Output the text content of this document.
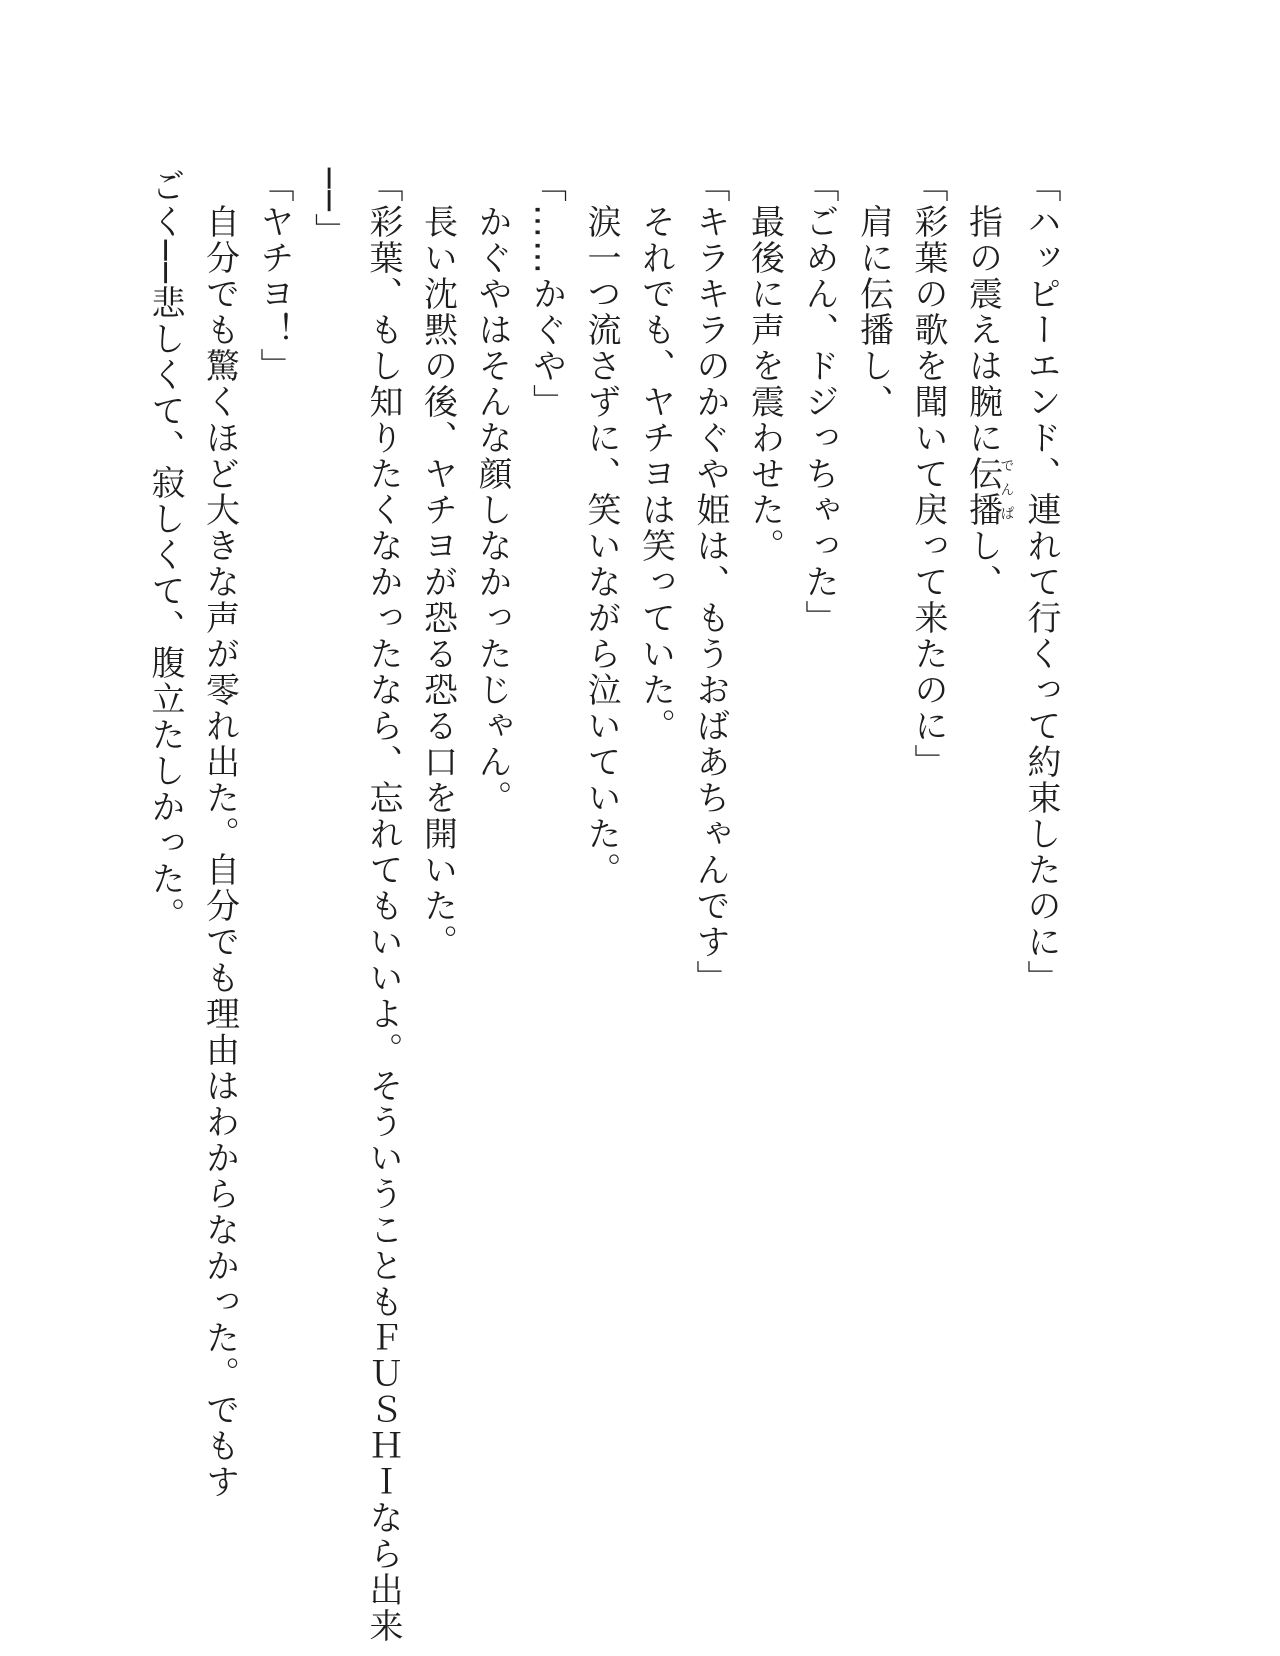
「ハッピーエンド、連れて行くって約束したのに」
　指の震えは腕に伝播でんぱし、
「彩葉の歌を聞いて戻って来たのに」
　肩に伝播し、
「ごめん、ドジっちゃった」
　最後に声を震わせた。
「キラキラのかぐや姫は、もうおばあちゃんです」
　それでも、ヤチヨは笑っていた。
　涙一つ流さずに、笑いながら泣いていた。
「……かぐや」
　かぐやはそんな顔しなかったじゃん。
　長い沈黙の後、ヤチヨが恐る恐る口を開いた。
「彩葉、もし知りたくなかったなら、忘れてもいいよ。そういうこともＦＵＳＨＩなら出来
──」
「ヤチヨ！」
　自分でも驚くほど大きな声が零れ出た。自分でも理由はわからなかった。でもすごく──悲しくて、寂しくて、腹立たしかった。
